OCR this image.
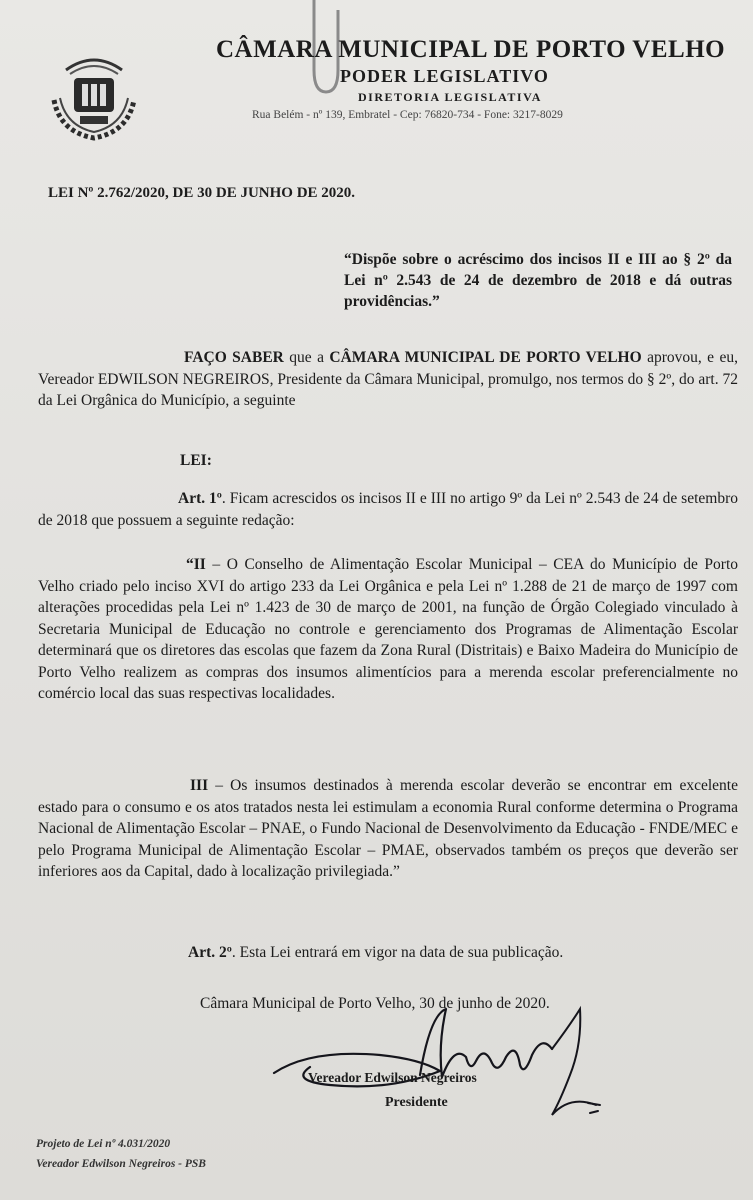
CÂMARA MUNICIPAL DE PORTO VELHO
PODER LEGISLATIVO
DIRETORIA LEGISLATIVA
Rua Belém - nº 139, Embratel - Cep: 76820-734 - Fone: 3217-8029
LEI Nº 2.762/2020, DE 30 DE JUNHO DE 2020.
“Dispõe sobre o acréscimo dos incisos II e III ao § 2º da Lei nº 2.543 de 24 de dezembro de 2018 e dá outras providências.”
FAÇO SABER que a CÂMARA MUNICIPAL DE PORTO VELHO aprovou, e eu, Vereador EDWILSON NEGREIROS, Presidente da Câmara Municipal, promulgo, nos termos do § 2º, do art. 72 da Lei Orgânica do Município, a seguinte
LEI:
Art. 1º. Ficam acrescidos os incisos II e III no artigo 9º da Lei nº 2.543 de 24 de setembro de 2018 que possuem a seguinte redação:
“II – O Conselho de Alimentação Escolar Municipal – CEA do Município de Porto Velho criado pelo inciso XVI do artigo 233 da Lei Orgânica e pela Lei nº 1.288 de 21 de março de 1997 com alterações procedidas pela Lei nº 1.423 de 30 de março de 2001, na função de Órgão Colegiado vinculado à Secretaria Municipal de Educação no controle e gerenciamento dos Programas de Alimentação Escolar determinará que os diretores das escolas que fazem da Zona Rural (Distritais) e Baixo Madeira do Município de Porto Velho realizem as compras dos insumos alimentícios para a merenda escolar preferencialmente no comércio local das suas respectivas localidades.
III – Os insumos destinados à merenda escolar deverão se encontrar em excelente estado para o consumo e os atos tratados nesta lei estimulam a economia Rural conforme determina o Programa Nacional de Alimentação Escolar – PNAE, o Fundo Nacional de Desenvolvimento da Educação - FNDE/MEC e pelo Programa Municipal de Alimentação Escolar – PMAE, observados também os preços que deverão ser inferiores aos da Capital, dado à localização privilegiada.”
Art. 2º. Esta Lei entrará em vigor na data de sua publicação.
Câmara Municipal de Porto Velho, 30 de junho de 2020.
Vereador Edwilson Negreiros
Presidente
Projeto de Lei nº 4.031/2020
Vereador Edwilson Negreiros - PSB
